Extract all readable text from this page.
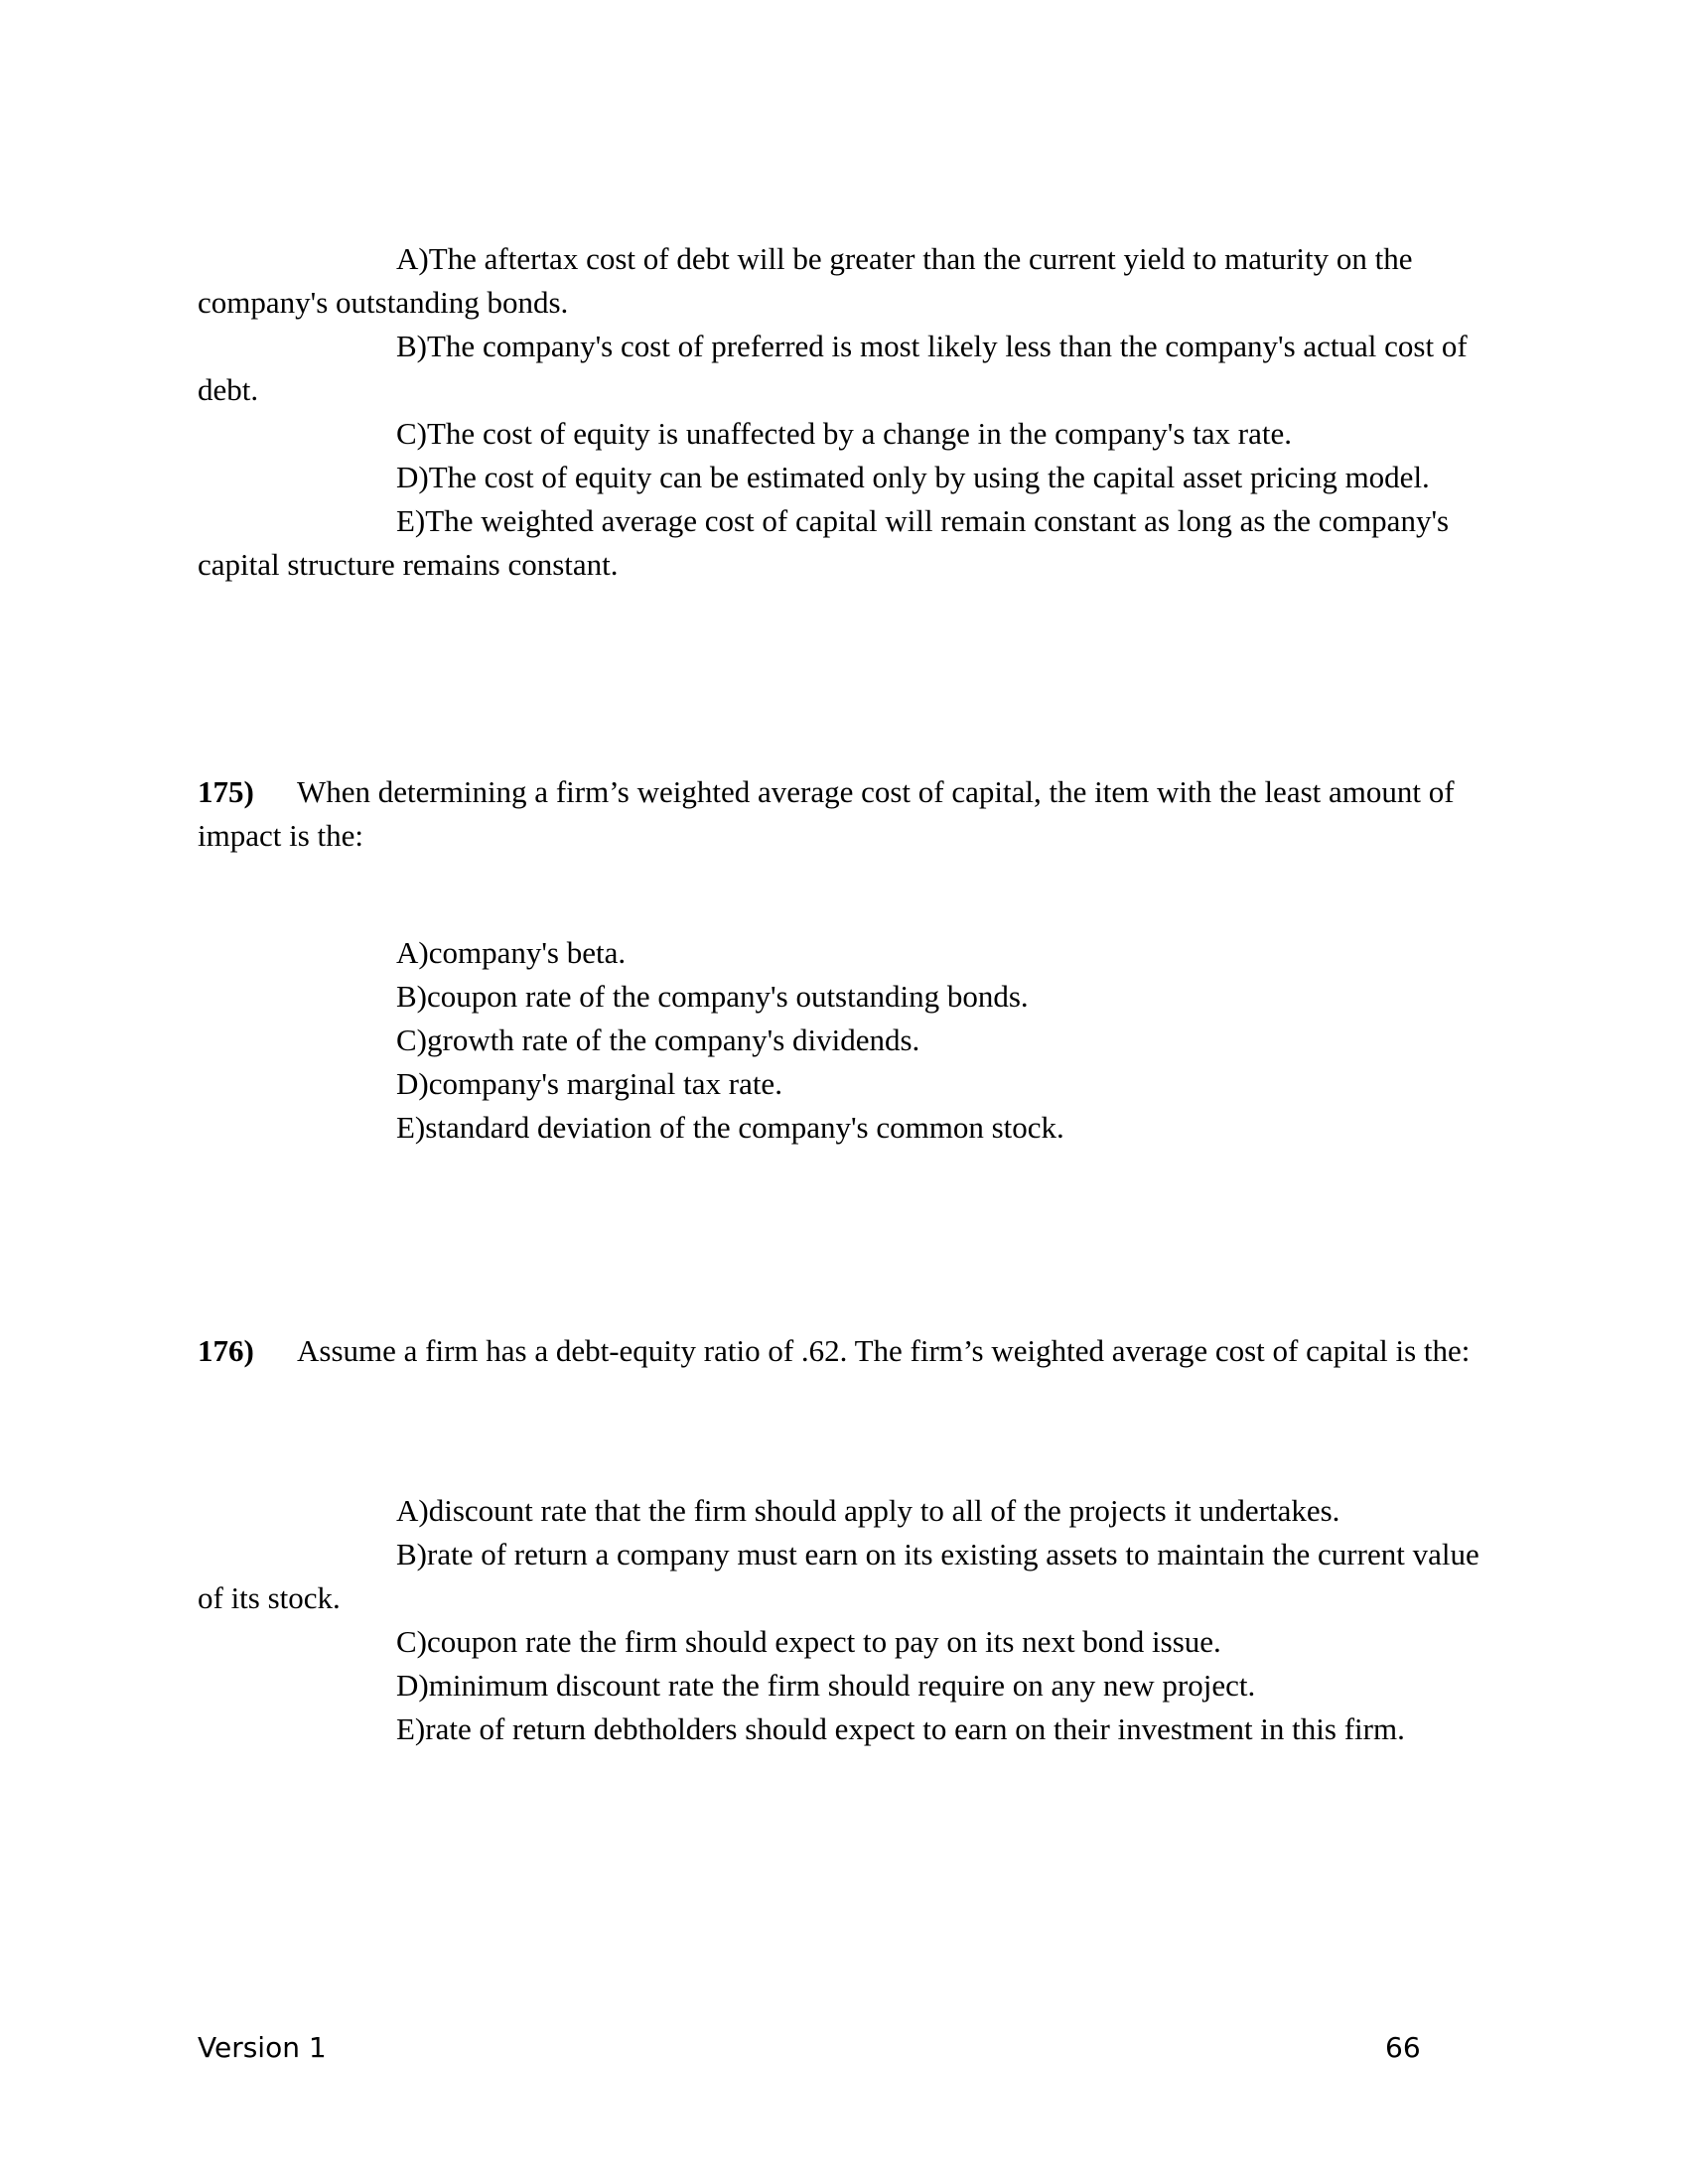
A)The aftertax cost of debt will be greater than the current yield to maturity on the company's outstanding bonds.

B)The company's cost of preferred is most likely less than the company's actual cost of debt.

C)The cost of equity is unaffected by a change in the company's tax rate.

D)The cost of equity can be estimated only by using the capital asset pricing model.

E)The weighted average cost of capital will remain constant as long as the company's capital structure remains constant.

175) When determining a firm’s weighted average cost of capital, the item with the least amount of impact is the:

A)company's beta.

B)coupon rate of the company's outstanding bonds.

C)growth rate of the company's dividends.

D)company's marginal tax rate.

E)standard deviation of the company's common stock.

176) Assume a firm has a debt-equity ratio of .62. The firm’s weighted average cost of capital is the:

A)discount rate that the firm should apply to all of the projects it undertakes.

B)rate of return a company must earn on its existing assets to maintain the current value of its stock.

C)coupon rate the firm should expect to pay on its next bond issue.

D)minimum discount rate the firm should require on any new project.

E)rate of return debtholders should expect to earn on their investment in this firm.

Version 1	66
